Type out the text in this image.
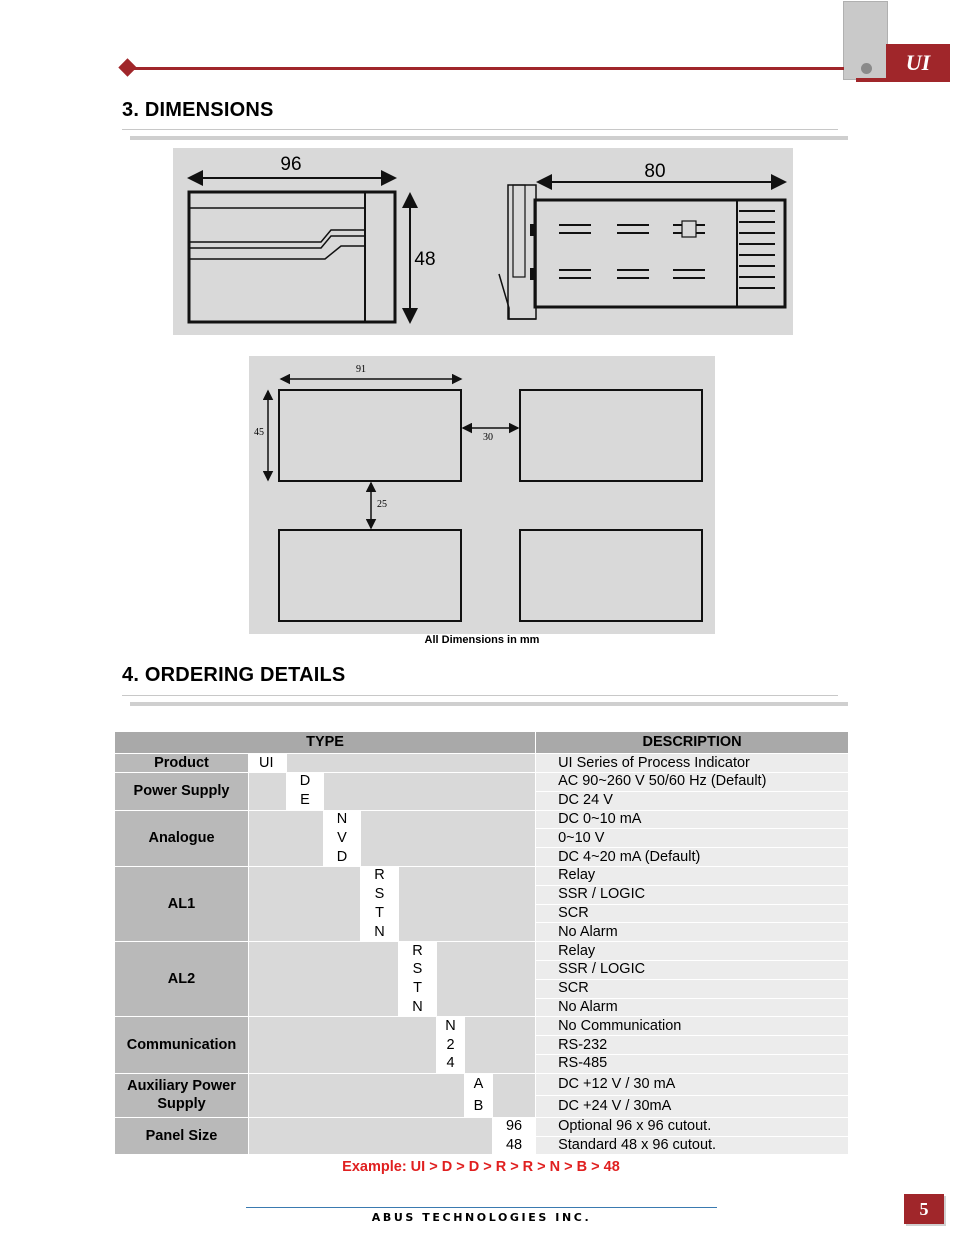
UI
3. DIMENSIONS
96
48
80
91
45	30
25
All Dimensions in mm
4. ORDERING DETAILS
TYPE									DESCRIPTION
Product	UI								UI Series of Process Indicator
Power Supply		D							AC 90~260 V 50/60 Hz (Default)
		E							DC 24 V
Analogue			N						DC 0~10 mA
			V						0~10 V
			D						DC 4~20 mA (Default)
AL1				R					Relay
				S					SSR / LOGIC
				T					SCR
				N					No Alarm
AL2					R				Relay
					S				SSR / LOGIC
					T				SCR
					N				No Alarm
Communication						N			No Communication
						2			RS-232
						4			RS-485
Auxiliary Power
Supply							A		DC +12 V / 30 mA
							B		DC +24 V / 30mA
Panel Size								96	Optional 96 x 96 cutout.
								48	Standard 48 x 96 cutout.
Example: UI > D > D > R > R > N > B > 48
ABUS TECHNOLOGIES INC.	5
